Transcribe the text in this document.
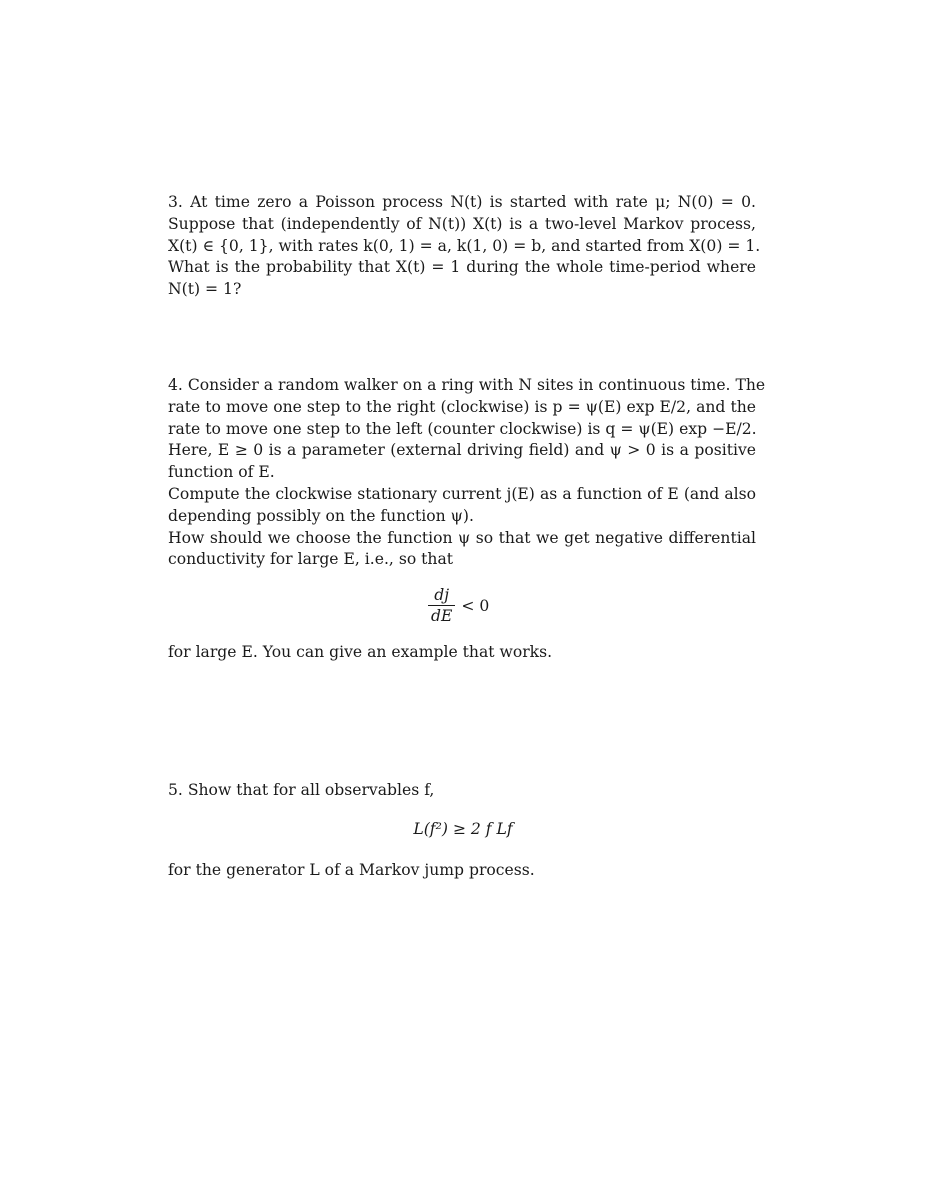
3. At time zero a Poisson process N(t) is started with rate μ; N(0) = 0.
Suppose that (independently of N(t)) X(t) is a two-level Markov process,
X(t) ∈ {0, 1}, with rates k(0, 1) = a, k(1, 0) = b, and started from X(0) = 1.
What is the probability that X(t) = 1 during the whole time-period where
N(t) = 1?
4. Consider a random walker on a ring with N sites in continuous time. The
rate to move one step to the right (clockwise) is p = ψ(E) exp E/2, and the
rate to move one step to the left (counter clockwise) is q = ψ(E) exp −E/2.
Here, E ≥ 0 is a parameter (external driving field) and ψ > 0 is a positive
function of E.
Compute the clockwise stationary current j(E) as a function of E (and also
depending possibly on the function ψ).
How should we choose the function ψ so that we get negative differential
conductivity for large E, i.e., so that
$\frac{dj}{dE} < 0$
for large E. You can give an example that works.
5. Show that for all observables f,
L(f²) ≥ 2 f Lf
for the generator L of a Markov jump process.
